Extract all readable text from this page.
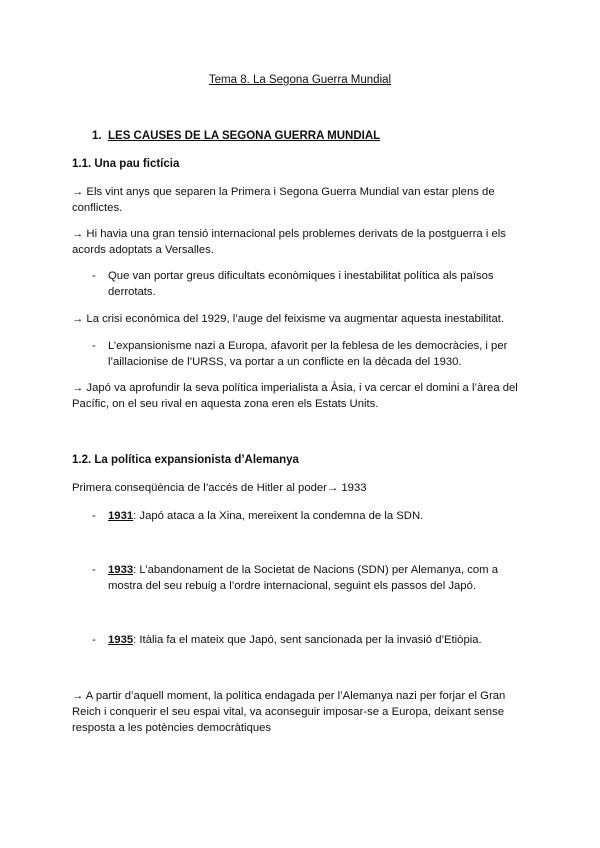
Tema 8. La Segona Guerra Mundial
1. LES CAUSES DE LA SEGONA GUERRA MUNDIAL
1.1. Una pau fictícia
→ Els vint anys que separen la Primera i Segona Guerra Mundial van estar plens de conflictes.
→ Hi havia una gran tensió internacional pels problemes derivats de la postguerra i els acords adoptats a Versalles.
- Que van portar greus dificultats econòmiques i inestabilitat política als països derrotats.
→ La crisi econòmica del 1929, l’auge del feixisme va augmentar aquesta inestabilitat.
- L’expansionisme nazi a Europa, afavorit per la feblesa de les democràcies, i per l’aillacionise de l’URSS, va portar a un conflicte en la dècada del 1930.
→ Japó va aprofundir la seva política imperialista a Àsia, i va cercar el domini a l’àrea del Pacífic, on el seu rival en aquesta zona eren els Estats Units.
1.2. La política expansionista d’Alemanya
Primera conseqüència de l’accés de Hitler al poder→ 1933
- 1931: Japó ataca a la Xina, mereixent la condemna de la SDN.
- 1933: L’abandonament de la Societat de Nacions (SDN) per Alemanya, com a mostra del seu rebuig a l’ordre internacional, seguint els passos del Japó.
- 1935: Itàlia fa el mateix que Japó, sent sancionada per la invasió d’Etiòpia.
→ A partir d’aquell moment, la política endagada per l’Alemanya nazi per forjar el Gran Reich i conquerir el seu espai vital, va aconseguir imposar-se a Europa, deixant sense resposta a les potències democràtiques
